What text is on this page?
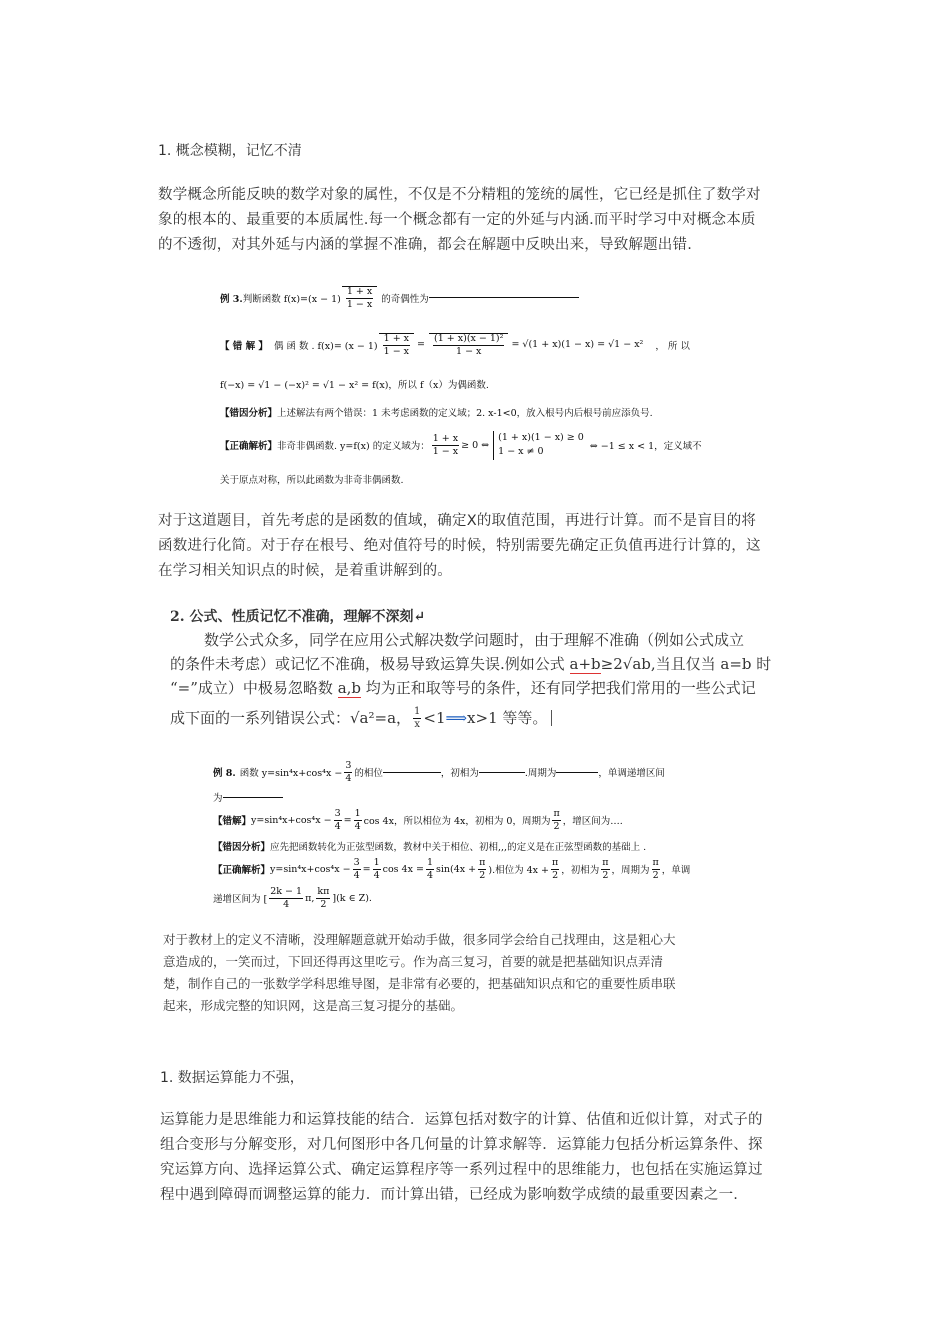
1. 概念模糊，记忆不清
数学概念所能反映的数学对象的属性，不仅是不分精粗的笼统的属性，它已经是抓住了数学对
象的根本的、最重要的本质属性.每一个概念都有一定的外延与内涵.而平时学习中对概念本质
的不透彻，对其外延与内涵的掌握不准确，都会在解题中反映出来，导致解题出错.
例 3. 判断函数 $f(x)=(x - 1) \frac{1 + x}{1 - x}$ 的奇偶性为
【 错 解 】 偶 函 数 . $f(x)= (x - 1) \frac{1 + x}{1 - x} = \frac{\text{(1 + x)(x − 1)²}}{1 - x} = √(1 + x)(1 - x) = √1 - x^2$ ， 所 以
f(−x) = √1 − (−x)² = √1 − x² = f(x)，所以 f（x）为偶函数.
【错因分析】上述解法有两个错误：1 未考虑函数的定义域；2. x-1<0，放入根号内后根号前应添负号.
【正确解析】 非奇非偶函数. y=f(x) 的定义域为： $\frac{1 + x}{1 - x} \ge 0$ ⇔
(1 + x)(1 − x) ≥ 0
1 − x ≠ 0	⇔ −1 ≤ x < 1，定义域不
关于原点对称，所以此函数为非奇非偶函数.
对于这道题目，首先考虑的是函数的值域，确定X的取值范围，再进行计算。而不是盲目的将
函数进行化简。对于存在根号、绝对值符号的时候，特别需要先确定正负值再进行计算的，这
在学习相关知识点的时候，是着重讲解到的。
2. 公式、性质记忆不准确，理解不深刻↵
数学公式众多，同学在应用公式解决数学问题时，由于理解不准确（例如公式成立
的条件未考虑）或记忆不准确，极易导致运算失误.例如公式 a+b≥2√ab,当且仅当 a=b 时
“=”成立）中极易忽略数 a,b 均为正和取等号的条件，还有同学把我们常用的一些公式记
成下面的一系列错误公式：√a²=a， $\frac{1}{x} <1$ ⟹ x>1 等等。
例 8. 函数 $y=\sin^4x+\cos^4x - \frac{3}{4}$ 的相位	，初相为	.周期为	，单调递增区间
为
【错解】 $y=\sin^4x+\cos^4x - \frac{3}{4} = \frac{1}{4}$ cos 4x，所以相位为 4x，初相为 0，周期为 $\frac{\pi}{2}$ ，增区间为….
【错因分析】应先把函数转化为正弦型函数，教材中关于相位、初相,,,的定义是在正弦型函数的基础上 .
【正确解析】 $y=\sin^4x+\cos^4x - \frac{3}{4} = \frac{1}{4}$ $\cos 4x = \frac{1}{4} \sin(4x + \frac{\pi}{2}$ ).相位为 $4x + \frac{\pi}{2}$ ，初相为 $\frac{\pi}{2}$ ，周期为 $\frac{\pi}{2}$ ，单调
递增区间为 [ $\frac{2k - 1}{4} \pi$, $\frac{k\pi}{2} ](k$ ∈ Z).
对于教材上的定义不清晰，没理解题意就开始动手做，很多同学会给自己找理由，这是粗心大
意造成的，一笑而过，下回还得再这里吃亏。作为高三复习，首要的就是把基础知识点弄清
楚，制作自己的一张数学学科思维导图，是非常有必要的，把基础知识点和它的重要性质串联
起来，形成完整的知识网，这是高三复习提分的基础。
1. 数据运算能力不强，
运算能力是思维能力和运算技能的结合．运算包括对数字的计算、估值和近似计算，对式子的
组合变形与分解变形，对几何图形中各几何量的计算求解等．运算能力包括分析运算条件、探
究运算方向、选择运算公式、确定运算程序等一系列过程中的思维能力，也包括在实施运算过
程中遇到障碍而调整运算的能力．而计算出错，已经成为影响数学成绩的最重要因素之一.
